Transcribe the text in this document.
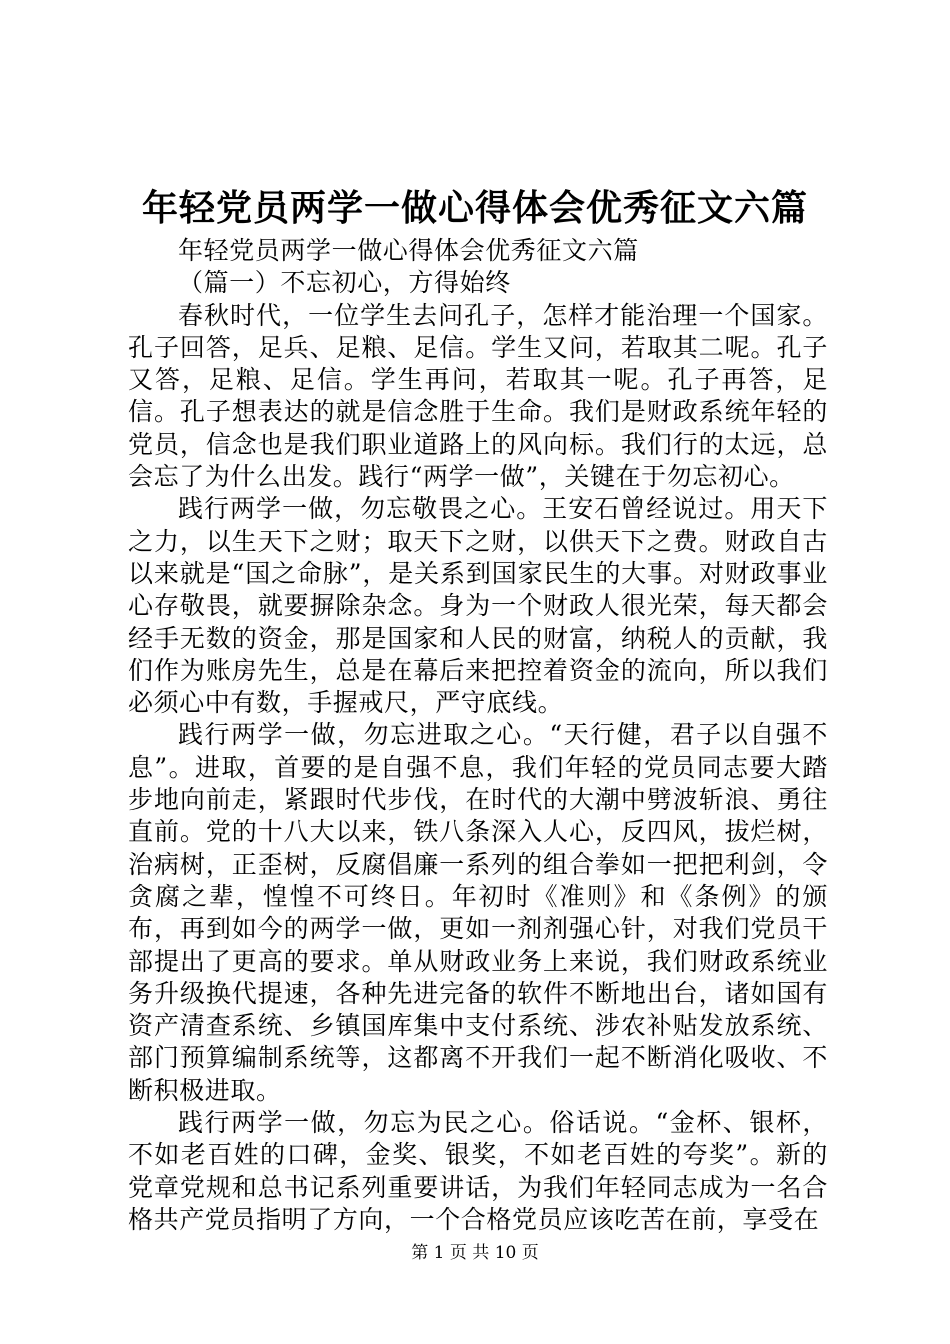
年轻党员两学一做心得体会优秀征文六篇

年轻党员两学一做心得体会优秀征文六篇

（篇一）不忘初心，方得始终

春秋时代，一位学生去问孔子，怎样才能治理一个国家。孔子回答，足兵、足粮、足信。学生又问，若取其二呢。孔子又答，足粮、足信。学生再问，若取其一呢。孔子再答，足信。孔子想表达的就是信念胜于生命。我们是财政系统年轻的党员，信念也是我们职业道路上的风向标。我们行的太远，总会忘了为什么出发。践行“两学一做”，关键在于勿忘初心。

践行两学一做，勿忘敬畏之心。王安石曾经说过。用天下之力，以生天下之财；取天下之财，以供天下之费。财政自古以来就是“国之命脉”，是关系到国家民生的大事。对财政事业心存敬畏，就要摒除杂念。身为一个财政人很光荣，每天都会经手无数的资金，那是国家和人民的财富，纳税人的贡献，我们作为账房先生，总是在幕后来把控着资金的流向，所以我们必须心中有数，手握戒尺，严守底线。

践行两学一做，勿忘进取之心。“天行健，君子以自强不息”。进取，首要的是自强不息，我们年轻的党员同志要大踏步地向前走，紧跟时代步伐，在时代的大潮中劈波斩浪、勇往直前。党的十八大以来，铁八条深入人心，反四风，拔烂树，治病树，正歪树，反腐倡廉一系列的组合拳如一把把利剑，令贪腐之辈，惶惶不可终日。年初时《准则》和《条例》的颁布，再到如今的两学一做，更如一剂剂强心针，对我们党员干部提出了更高的要求。单从财政业务上来说，我们财政系统业务升级换代提速，各种先进完备的软件不断地出台，诸如国有资产清查系统、乡镇国库集中支付系统、涉农补贴发放系统、部门预算编制系统等，这都离不开我们一起不断消化吸收、不断积极进取。

践行两学一做，勿忘为民之心。俗话说。“金杯、银杯，不如老百姓的口碑，金奖、银奖，不如老百姓的夸奖”。新的党章党规和总书记系列重要讲话，为我们年轻同志成为一名合格共产党员指明了方向，一个合格党员应该吃苦在前，享受在

第 1 页 共 10 页
